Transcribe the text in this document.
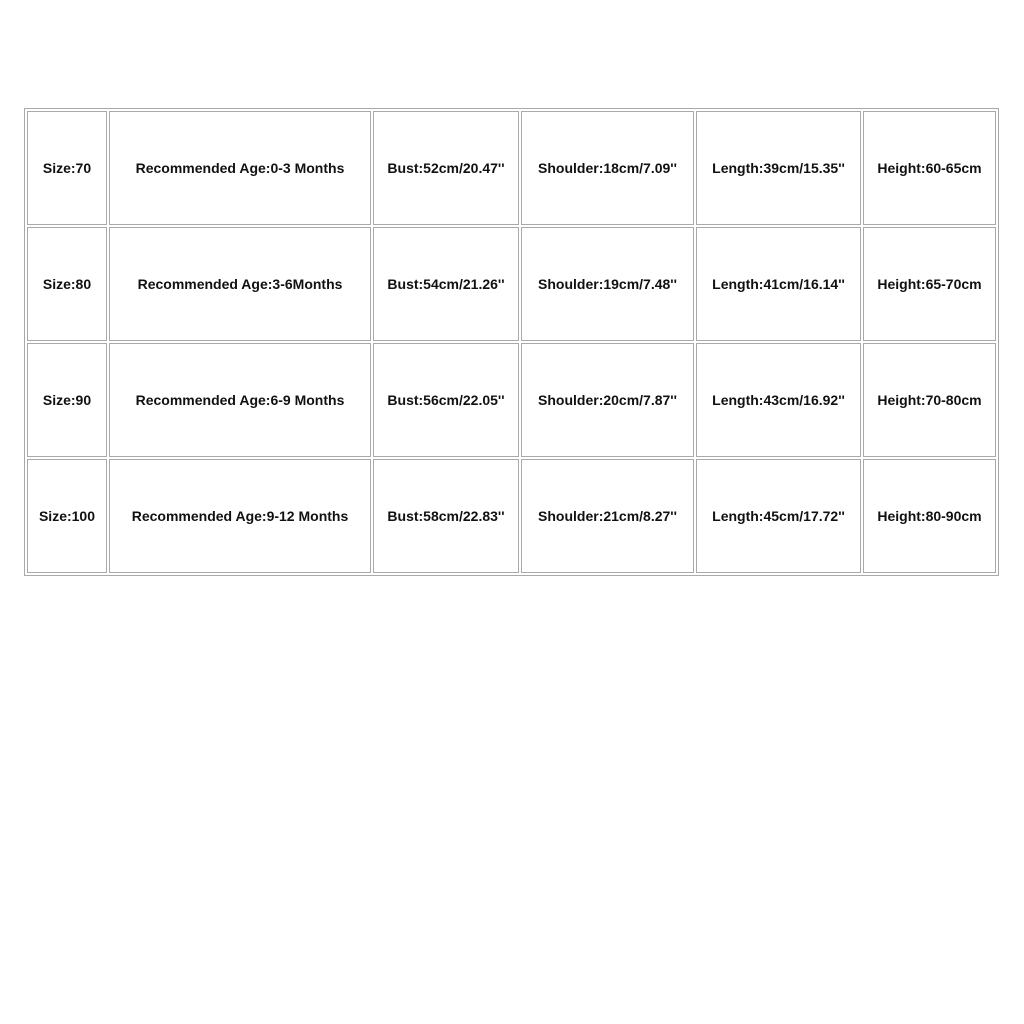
Size:70	Recommended Age:0-3 Months	Bust:52cm/20.47''	Shoulder:18cm/7.09''	Length:39cm/15.35''	Height:60-65cm
Size:80	Recommended Age:3-6Months	Bust:54cm/21.26''	Shoulder:19cm/7.48''	Length:41cm/16.14''	Height:65-70cm
Size:90	Recommended Age:6-9 Months	Bust:56cm/22.05''	Shoulder:20cm/7.87''	Length:43cm/16.92''	Height:70-80cm
Size:100	Recommended Age:9-12 Months	Bust:58cm/22.83''	Shoulder:21cm/8.27''	Length:45cm/17.72''	Height:80-90cm
